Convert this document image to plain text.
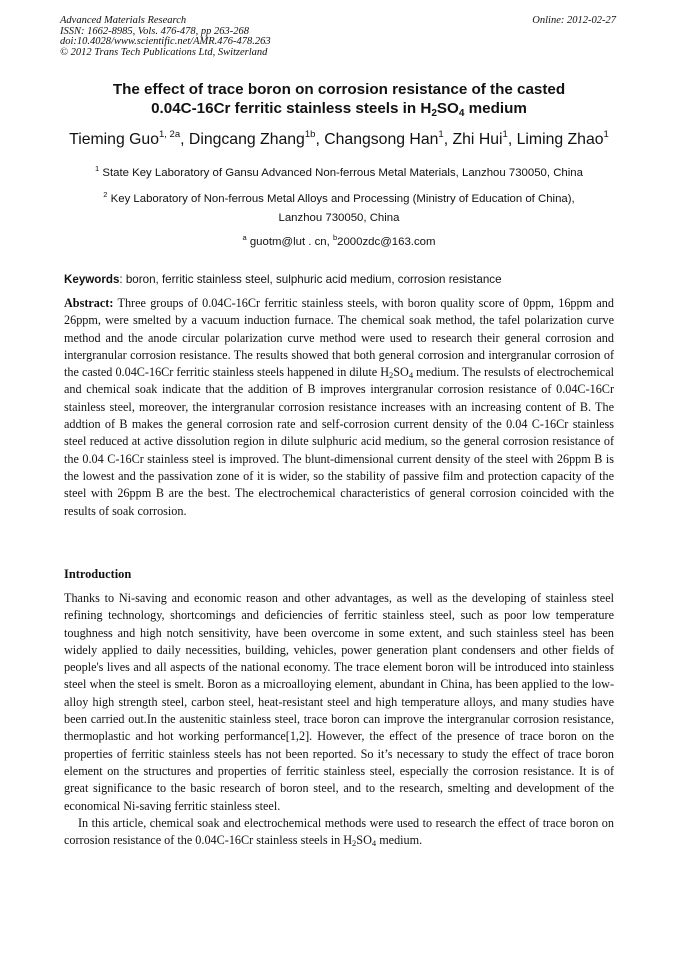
Advanced Materials Research
ISSN: 1662-8985, Vols. 476-478, pp 263-268
doi:10.4028/www.scientific.net/AMR.476-478.263
© 2012 Trans Tech Publications Ltd, Switzerland
Online: 2012-02-27
The effect of trace boron on corrosion resistance of the casted
0.04C-16Cr ferritic stainless steels in $H_2SO_4$ medium
Tieming Guo$^{1, 2a}$, Dingcang Zhang$^{1b}$, Changsong Han$^1$, Zhi Hui$^1$, Liming Zhao$^1$
$^1$ State Key Laboratory of Gansu Advanced Non-ferrous Metal Materials, Lanzhou 730050, China
$^2$ Key Laboratory of Non-ferrous Metal Alloys and Processing (Ministry of Education of China),
Lanzhou 730050, China
$^a$ guotm@lut . cn, $^b$2000zdc@163.com
Keywords: boron, ferritic stainless steel, sulphuric acid medium, corrosion resistance

Abstract: Three groups of 0.04C-16Cr ferritic stainless steels, with boron quality score of 0ppm, 16ppm and 26ppm, were smelted by a vacuum induction furnace. The chemical soak method, the tafel polarization curve method and the anode circular polarization curve method were used to research their general corrosion and intergranular corrosion resistance. The results showed that both general corrosion and intergranular corrosion of the casted 0.04C-16Cr ferritic stainless steels happened in dilute $H_2SO_4$ medium. The resulsts of electrochemical and chemical soak indicate that the addition of B improves intergranular corrosion resistance of 0.04C-16Cr stainless steel, moreover, the intergranular corrosion resistance increases with an increasing content of B. The addtion of B makes the general corrosion rate and self-corrosion current density of the 0.04 C-16Cr stainless steel reduced at active dissolution region in dilute sulphuric acid medium, so the general corrosion resistance of the 0.04 C-16Cr stainless steel is improved. The blunt-dimensional current density of the steel with 26ppm B is the lowest and the passivation zone of it is wider, so the stability of passive film and protection capacity of the steel with 26ppm B are the best. The electrochemical characteristics of general corrosion coincided with the results of soak corrosion.

Introduction

Thanks to Ni-saving and economic reason and other advantages, as well as the developing of stainless steel refining technology, shortcomings and deficiencies of ferritic stainless steel, such as poor low temperature toughness and high notch sensitivity, have been overcome in some extent, and such stainless steel has been widely applied to daily necessities, building, vehicles, power generation plant condensers and other fields of people's lives and all aspects of the national economy. The trace element boron will be introduced into stainless steel when the steel is smelt. Boron as a microalloying element, abundant in China, has been applied to the low-alloy high strength steel, carbon steel, heat-resistant steel and high temperature alloys, and many studies have been carried out.In the austenitic stainless steel, trace boron can improve the intergranular corrosion resistance, thermoplastic and hot working performance[1,2]. However, the effect of the presence of trace boron on the properties of ferritic stainless steels has not been reported. So it’s necessary to study the effect of trace boron element on the structures and properties of ferritic stainless steel, especially the corrosion resistance. It is of great significance to the basic research of boron steel, and to the research, smelting and development of the economical Ni-saving ferritic stainless steel.

In this article, chemical soak and electrochemical methods were used to research the effect of trace boron on corrosion resistance of the 0.04C-16Cr stainless steels in $H_2SO_4$ medium.
